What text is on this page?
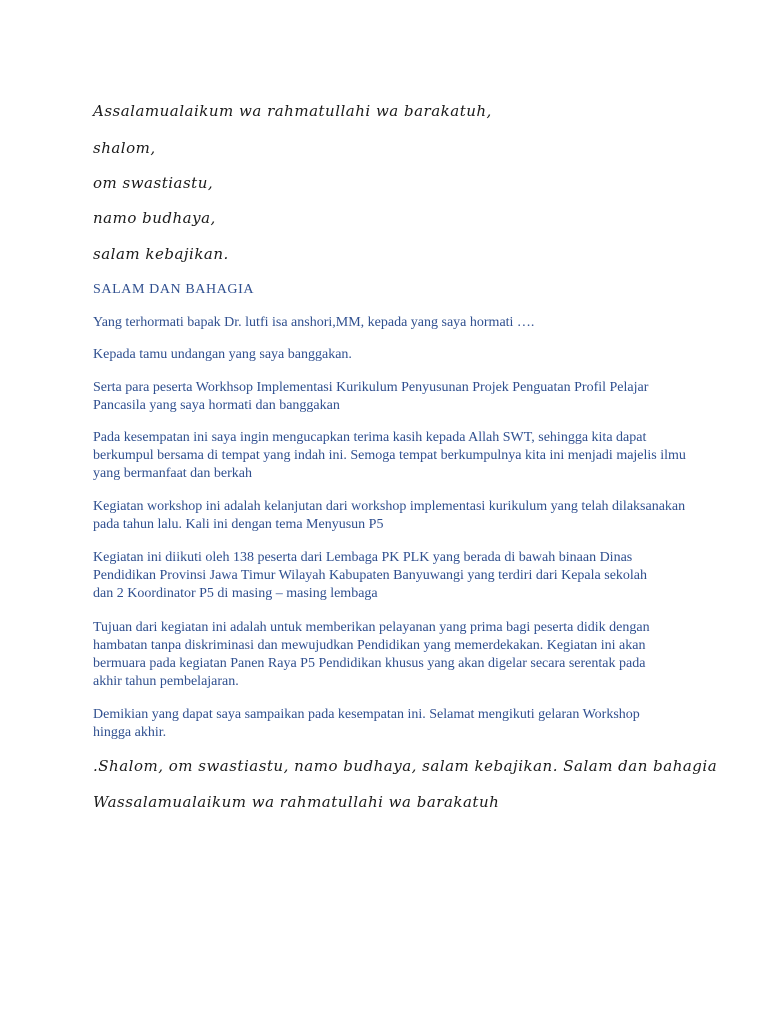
Assalamualaikum wa rahmatullahi wa barakatuh,

shalom,

om swastiastu,

namo budhaya,

salam kebajikan.

SALAM DAN BAHAGIA

Yang terhormati bapak Dr. lutfi isa anshori,MM, kepada yang saya hormati ….

Kepada tamu undangan yang saya banggakan.

Serta para peserta Workhsop Implementasi Kurikulum Penyusunan Projek Penguatan Profil Pelajar Pancasila yang saya hormati dan banggakan

Pada kesempatan ini saya ingin mengucapkan terima kasih kepada Allah SWT, sehingga kita dapat berkumpul bersama di tempat yang indah ini. Semoga tempat berkumpulnya kita ini menjadi majelis ilmu yang bermanfaat dan berkah

Kegiatan workshop ini adalah kelanjutan dari workshop implementasi kurikulum yang telah dilaksanakan pada tahun lalu. Kali ini dengan tema Menyusun P5

Kegiatan ini diikuti oleh 138 peserta dari Lembaga PK PLK yang berada di bawah binaan Dinas Pendidikan Provinsi Jawa Timur Wilayah Kabupaten Banyuwangi yang terdiri dari Kepala sekolah dan 2 Koordinator P5 di masing – masing lembaga

Tujuan dari kegiatan ini adalah untuk memberikan pelayanan yang prima bagi peserta didik dengan hambatan tanpa diskriminasi dan mewujudkan Pendidikan yang memerdekakan. Kegiatan ini akan bermuara pada kegiatan Panen Raya P5 Pendidikan khusus yang akan digelar secara serentak pada akhir tahun pembelajaran.

Demikian yang dapat saya sampaikan pada kesempatan ini. Selamat mengikuti gelaran Workshop hingga akhir.

.Shalom, om swastiastu, namo budhaya, salam kebajikan. Salam dan bahagia

Wassalamualaikum wa rahmatullahi wa barakatuh
